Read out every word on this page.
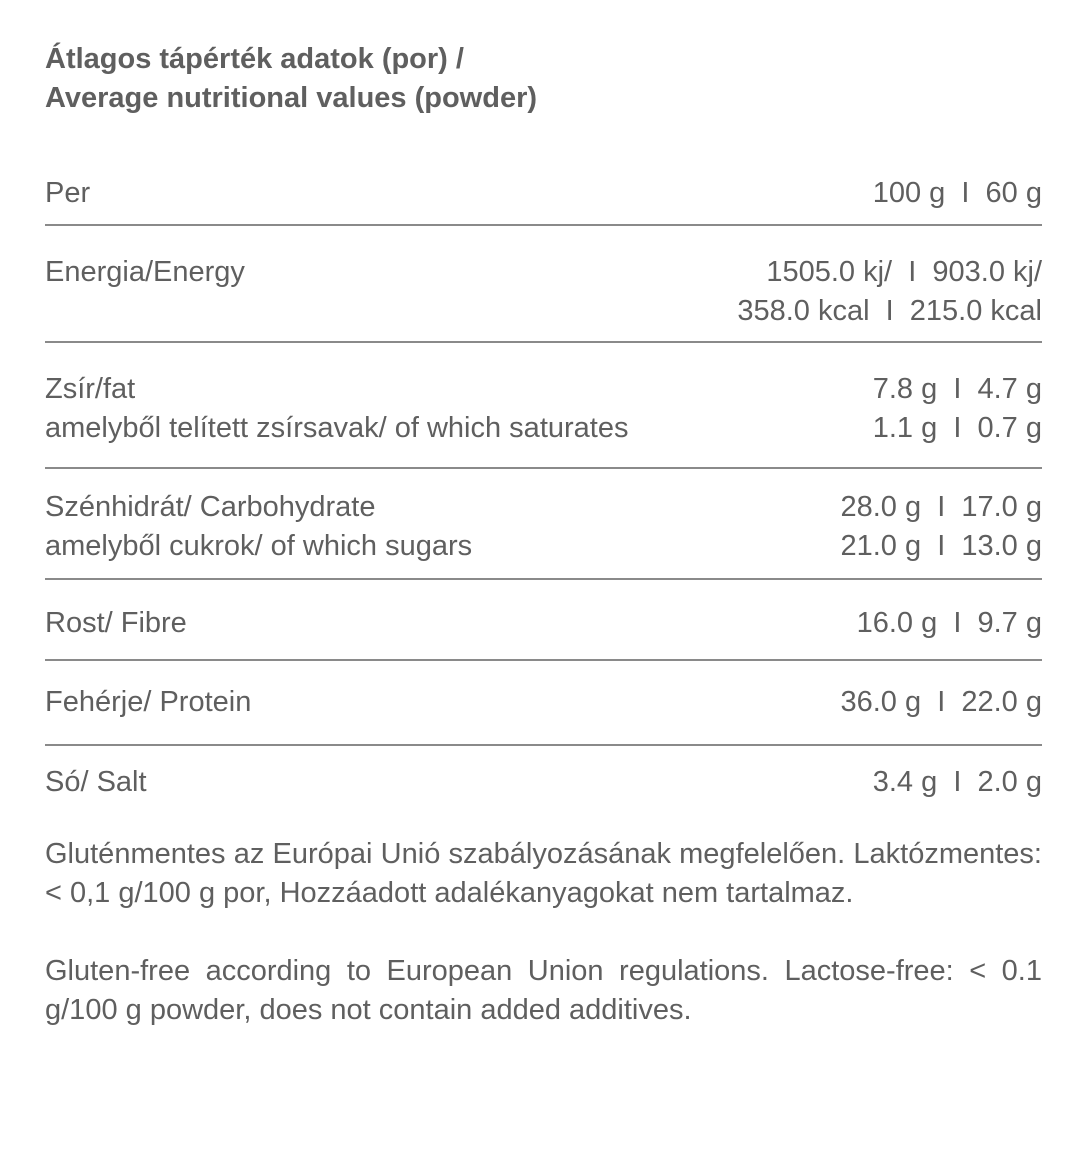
Átlagos tápérték adatok (por) /
Average nutritional values (powder)
Per	100 g  I  60 g
Energia/Energy	1505.0 kj/  I  903.0 kj/
358.0 kcal  I  215.0 kcal
Zsír/fat	7.8 g  I  4.7 g
amelyből telített zsírsavak/ of which saturates	1.1 g  I  0.7 g
Szénhidrát/ Carbohydrate	28.0 g  I  17.0 g
amelyből cukrok/ of which sugars	21.0 g  I  13.0 g
Rost/ Fibre	16.0 g  I  9.7 g
Fehérje/ Protein	36.0 g  I  22.0 g
Só/ Salt	3.4 g  I  2.0 g

Gluténmentes az Európai Unió szabályozásának megfelelően. Laktózmentes: < 0,1 g/100 g por, Hozzáadott adalékanyagokat nem tartalmaz.

Gluten-free according to European Union regulations. Lactose-free: < 0.1 g/100 g powder, does not contain added additives.
